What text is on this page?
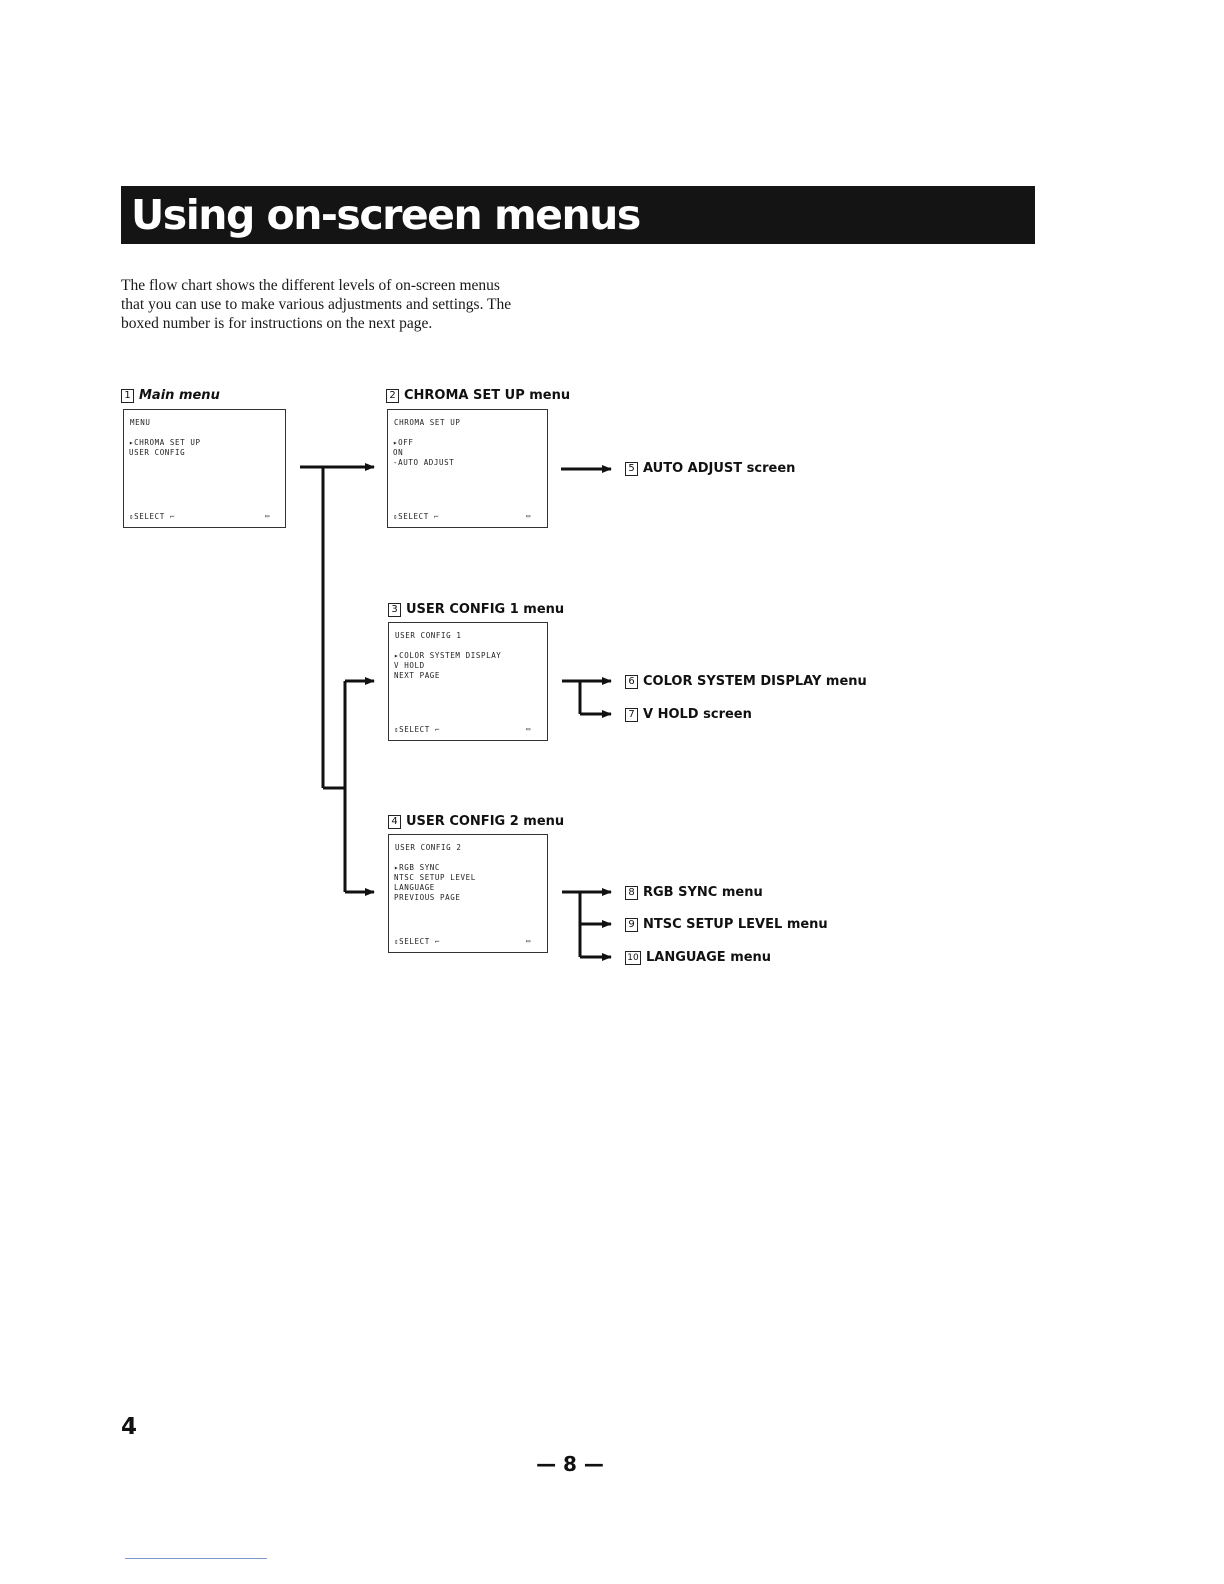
Using on-screen menus
The flow chart shows the different levels of on-screen menus that you can use to make various adjustments and settings. The boxed number is for instructions on the next page.
1 Main menu
MENU
▸CHROMA SET UP
USER CONFIG
⇕SELECT ⌐	▭
2 CHROMA SET UP menu
CHROMA SET UP
▸OFF
ON
-AUTO ADJUST
⇕SELECT ⌐	▭
3 USER CONFIG 1 menu
USER CONFIG 1
▸COLOR SYSTEM DISPLAY
V HOLD
NEXT PAGE
⇕SELECT ⌐	▭
4 USER CONFIG 2 menu
USER CONFIG 2
▸RGB SYNC
NTSC SETUP LEVEL
LANGUAGE
PREVIOUS PAGE
⇕SELECT ⌐	▭
5 AUTO ADJUST screen
6 COLOR SYSTEM DISPLAY menu
7 V HOLD screen
8 RGB SYNC menu
9 NTSC SETUP LEVEL menu
10 LANGUAGE menu
4
— 8 —
